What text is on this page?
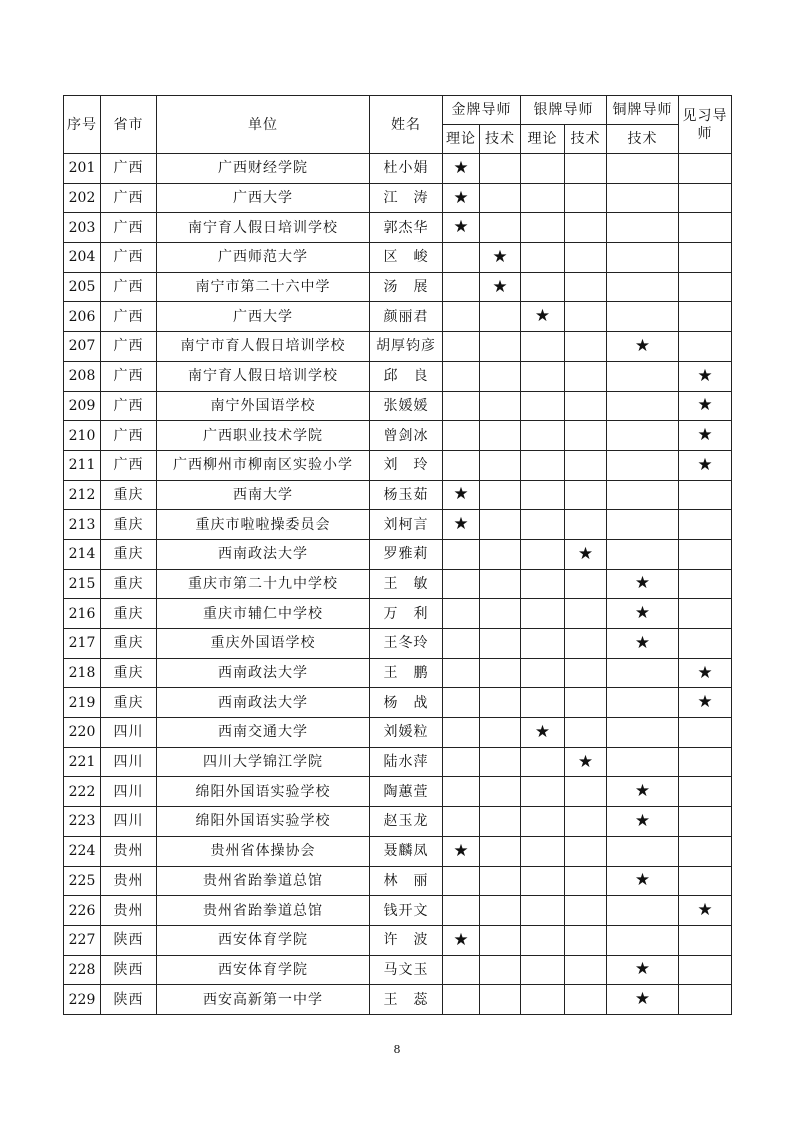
序号	省市	单位	姓名	金牌导师		银牌导师		铜牌导师	见习导师
				理论	技术	理论	技术	技术	
201	广西	广西财经学院	杜小娟	★					
202	广西	广西大学	江　涛	★					
203	广西	南宁育人假日培训学校	郭杰华	★					
204	广西	广西师范大学	区　峻		★				
205	广西	南宁市第二十六中学	汤　展		★				
206	广西	广西大学	颜丽君			★			
207	广西	南宁市育人假日培训学校	胡厚钧彦					★	
208	广西	南宁育人假日培训学校	邱　良						★
209	广西	南宁外国语学校	张媛媛						★
210	广西	广西职业技术学院	曾剑冰						★
211	广西	广西柳州市柳南区实验小学	刘　玲						★
212	重庆	西南大学	杨玉茹	★					
213	重庆	重庆市啦啦操委员会	刘柯言	★					
214	重庆	西南政法大学	罗雅莉				★		
215	重庆	重庆市第二十九中学校	王　敏					★	
216	重庆	重庆市辅仁中学校	万　利					★	
217	重庆	重庆外国语学校	王冬玲					★	
218	重庆	西南政法大学	王　鹏						★
219	重庆	西南政法大学	杨　战						★
220	四川	西南交通大学	刘媛粒			★			
221	四川	四川大学锦江学院	陆水萍				★		
222	四川	绵阳外国语实验学校	陶蕙萱					★	
223	四川	绵阳外国语实验学校	赵玉龙					★	
224	贵州	贵州省体操协会	聂麟凤	★					
225	贵州	贵州省跆拳道总馆	林　丽					★	
226	贵州	贵州省跆拳道总馆	钱开文						★
227	陕西	西安体育学院	许　波	★					
228	陕西	西安体育学院	马文玉					★	
229	陕西	西安高新第一中学	王　蕊					★	
8
